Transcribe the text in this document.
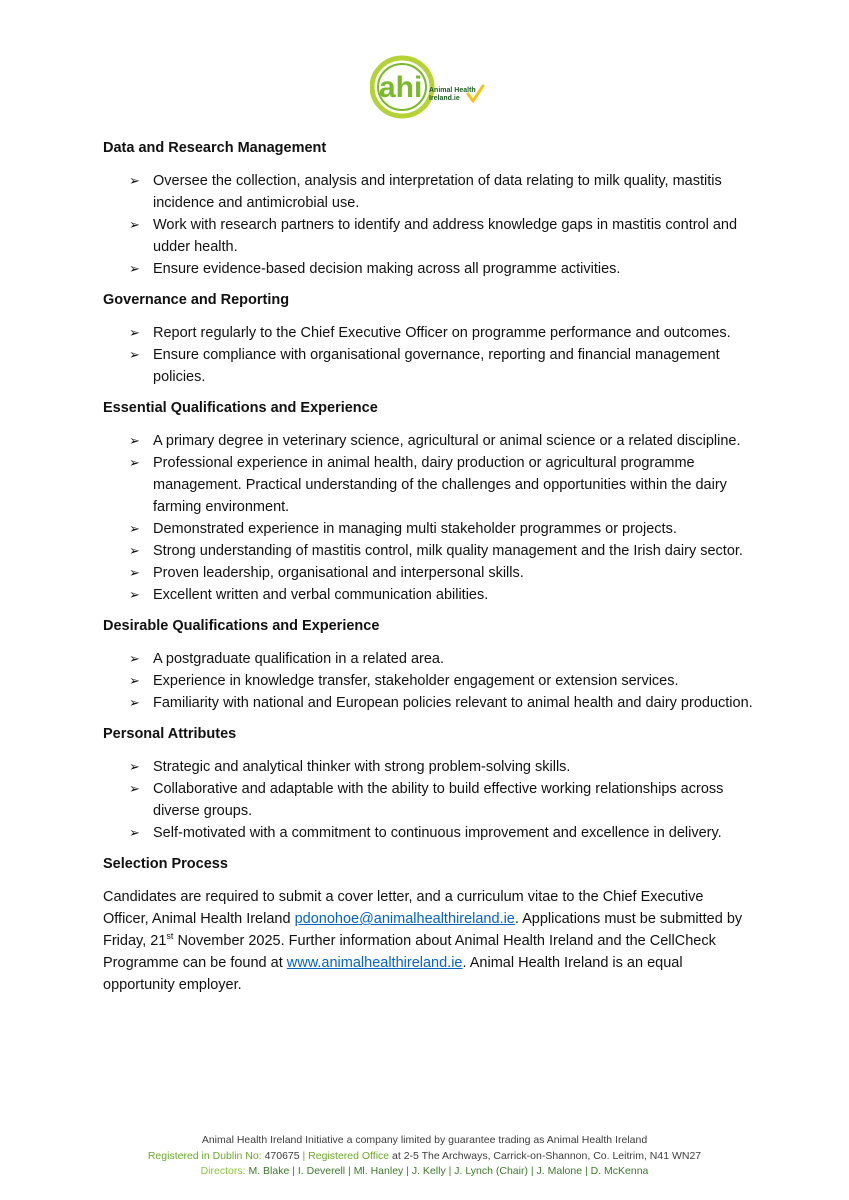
ahi Animal Health
Ireland.ie
Data and Research Management
➢ Oversee the collection, analysis and interpretation of data relating to milk quality, mastitis incidence and antimicrobial use.
➢ Work with research partners to identify and address knowledge gaps in mastitis control and udder health.
➢ Ensure evidence-based decision making across all programme activities.
Governance and Reporting
➢ Report regularly to the Chief Executive Officer on programme performance and outcomes.
➢ Ensure compliance with organisational governance, reporting and financial management policies.
Essential Qualifications and Experience
➢ A primary degree in veterinary science, agricultural or animal science or a related discipline.
➢ Professional experience in animal health, dairy production or agricultural programme management. Practical understanding of the challenges and opportunities within the dairy farming environment.
➢ Demonstrated experience in managing multi stakeholder programmes or projects.
➢ Strong understanding of mastitis control, milk quality management and the Irish dairy sector.
➢ Proven leadership, organisational and interpersonal skills.
➢ Excellent written and verbal communication abilities.
Desirable Qualifications and Experience
➢ A postgraduate qualification in a related area.
➢ Experience in knowledge transfer, stakeholder engagement or extension services.
➢ Familiarity with national and European policies relevant to animal health and dairy production.
Personal Attributes
➢ Strategic and analytical thinker with strong problem-solving skills.
➢ Collaborative and adaptable with the ability to build effective working relationships across diverse groups.
➢ Self-motivated with a commitment to continuous improvement and excellence in delivery.
Selection Process

Candidates are required to submit a cover letter, and a curriculum vitae to the Chief Executive Officer, Animal Health Ireland pdonohoe@animalhealthireland.ie. Applications must be submitted by Friday, 21st November 2025. Further information about Animal Health Ireland and the CellCheck Programme can be found at www.animalhealthireland.ie. Animal Health Ireland is an equal opportunity employer.

Animal Health Ireland Initiative a company limited by guarantee trading as Animal Health Ireland
Registered in Dublin No: 470675 | Registered Office at 2-5 The Archways, Carrick-on-Shannon, Co. Leitrim, N41 WN27
Directors: M. Blake | I. Deverell | Ml. Hanley | J. Kelly | J. Lynch (Chair) | J. Malone | D. McKenna
